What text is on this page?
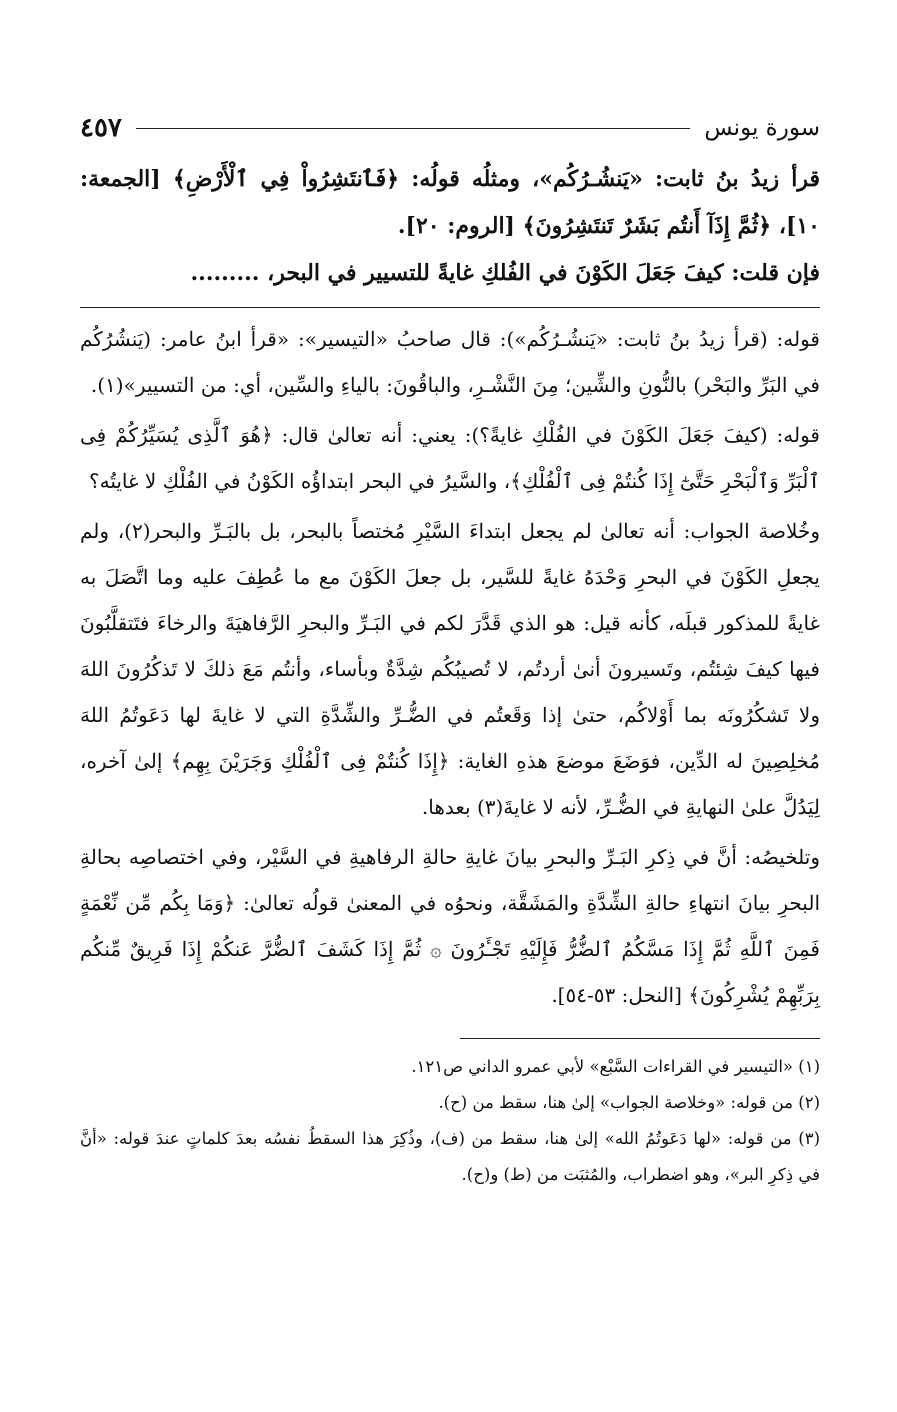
سورة يونس
٤٥٧

قرأ زيدُ بنُ ثابت: «يَنشُـرُكُم»، ومثلُه قولُه: ﴿فَٱنتَشِرُواْ فِي ٱلْأَرْضِ﴾ [الجمعة: ١٠]، ﴿ثُمَّ إِذَآ أَنتُم بَشَرٌ تَنتَشِرُونَ﴾ [الروم: ٢٠].

فإن قلت: كيفَ جَعَلَ الكَوْنَ في الفُلكِ غايةً للتسيير في البحر، .........

قوله: (قرأ زيدُ بنُ ثابت: «يَنشُـرُكُم»): قال صاحبُ «التيسير»: «قرأ ابنُ عامر: (يَنشُرُكُم في البَرِّ والبَحْر) بالنُّونِ والشِّين؛ مِنَ النَّشْـرِ، والباقُونَ: بالياءِ والسِّين، أي: من التسيير»(١).

قوله: (كيفَ جَعَلَ الكَوْنَ في الفُلْكِ غايةً؟): يعني: أنه تعالىٰ قال: ﴿هُوَ ٱلَّذِى يُسَيِّرُكُمْ فِى ٱلْبَرِّ وَٱلْبَحْرِ حَتَّىٰٓ إِذَا كُنتُمْ فِى ٱلْفُلْكِ﴾، والسَّيرُ في البحر ابتداؤُه الكَوْنُ في الفُلْكِ لا غايتُه؟

وخُلاصة الجواب: أنه تعالىٰ لم يجعل ابتداءَ السَّيْرِ مُختصاً بالبحر، بل بالبَـرِّ والبحر(٢)، ولم يجعلِ الكَوْنَ في البحرِ وَحْدَهُ غايةً للسَّير، بل جعلَ الكَوْنَ مع ما عُطِفَ عليه وما اتَّصَلَ به غايةً للمذكور قبلَه، كأنه قيل: هو الذي قَدَّرَ لكم في البَـرِّ والبحرِ الرَّفاهيَةَ والرخاءَ فتَتقلَّبُونَ فيها كيفَ شِئتُم، وتَسيرونَ أنىٰ أردتُم، لا تُصيبُكُم شِدَّةٌ وبأساء، وأنتُم مَعَ ذلكَ لا تَذكُرُونَ اللهَ ولا تَشكُرُونَه بما أَوْلاكُم، حتىٰ إذا وَقَعتُم في الضُّـرِّ والشِّدَّةِ التي لا غايةَ لها دَعَوتُمُ اللهَ مُخلِصِينَ له الدِّين، فوَضَعَ موضعَ هذهِ الغاية: ﴿إِذَا كُنتُمْ فِى ٱلْفُلْكِ وَجَرَيْنَ بِهِم﴾ إلىٰ آخره، لِيَدُلَّ علىٰ النهايةِ في الضُّـرِّ، لأنه لا غايةَ(٣) بعدها.

وتلخيصُه: أنَّ في ذِكرِ البَـرِّ والبحرِ بيانَ غايةِ حالةِ الرفاهيةِ في السَّيْر، وفي اختصاصِه بحالةِ البحرِ بيانَ انتهاءِ حالةِ الشِّدَّةِ والمَشَقَّة، ونحوُه في المعنىٰ قولُه تعالىٰ: ﴿وَمَا بِكُم مِّن نِّعْمَةٍ فَمِنَ ٱللَّهِ ثُمَّ إِذَا مَسَّكُمُ ٱلضُّرُّ فَإِلَيْهِ تَجْـَٔرُونَ ۞ ثُمَّ إِذَا كَشَفَ ٱلضُّرَّ عَنكُمْ إِذَا فَرِيقٌ مِّنكُم بِرَبِّهِمْ يُشْرِكُونَ﴾ [النحل: ٥٣-٥٤].

(١) «التيسير في القراءات السَّبْع» لأبي عمرو الداني ص١٢١.

(٢) من قوله: «وخلاصة الجواب» إلىٰ هنا، سقط من (ح).

(٣) من قوله: «لها دَعَوتُمُ الله» إلىٰ هنا، سقط من (ف)، وذُكِرَ هذا السقطُ نفسُه بعدَ كلماتٍ عندَ قوله: «أنَّ في ذِكرِ البر»، وهو اضطراب، والمُثبَت من (ط) و(ح).
